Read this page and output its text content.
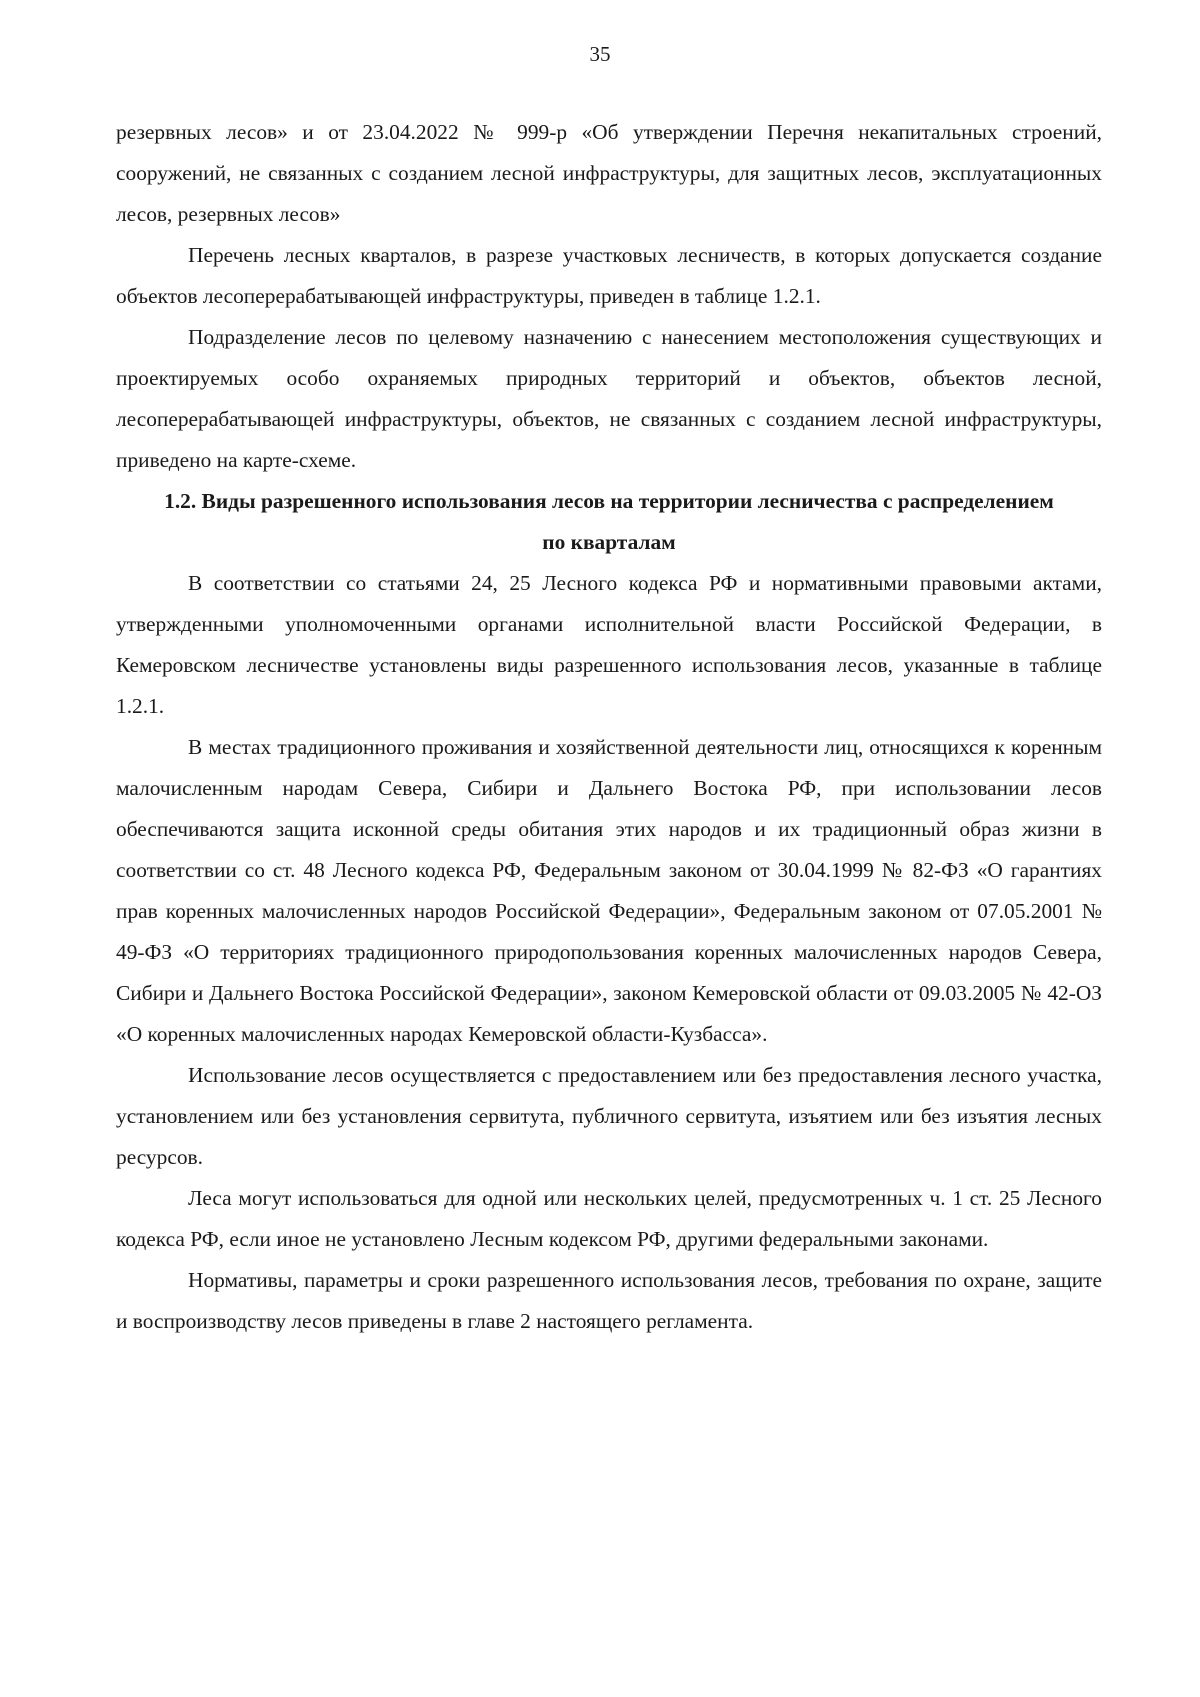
35

резервных лесов» и от 23.04.2022 № 999-р «Об утверждении Перечня некапитальных строений, сооружений, не связанных с созданием лесной инфраструктуры, для защитных лесов, эксплуатационных лесов, резервных лесов»

Перечень лесных кварталов, в разрезе участковых лесничеств, в которых допускается создание объектов лесоперерабатывающей инфраструктуры, приведен в таблице 1.2.1.

Подразделение лесов по целевому назначению с нанесением местоположения существующих и проектируемых особо охраняемых природных территорий и объектов, объектов лесной, лесоперерабатывающей инфраструктуры, объектов, не связанных с созданием лесной инфраструктуры, приведено на карте-схеме.

1.2. Виды разрешенного использования лесов на территории лесничества с распределением по кварталам

В соответствии со статьями 24, 25 Лесного кодекса РФ и нормативными правовыми актами, утвержденными уполномоченными органами исполнительной власти Российской Федерации, в Кемеровском лесничестве установлены виды разрешенного использования лесов, указанные в таблице 1.2.1.

В местах традиционного проживания и хозяйственной деятельности лиц, относящихся к коренным малочисленным народам Севера, Сибири и Дальнего Востока РФ, при использовании лесов обеспечиваются защита исконной среды обитания этих народов и их традиционный образ жизни в соответствии со ст. 48 Лесного кодекса РФ, Федеральным законом от 30.04.1999 № 82-ФЗ «О гарантиях прав коренных малочисленных народов Российской Федерации», Федеральным законом от 07.05.2001 № 49-ФЗ «О территориях традиционного природопользования коренных малочисленных народов Севера, Сибири и Дальнего Востока Российской Федерации», законом Кемеровской области от 09.03.2005 № 42-ОЗ «О коренных малочисленных народах Кемеровской области-Кузбасса».

Использование лесов осуществляется с предоставлением или без предоставления лесного участка, установлением или без установления сервитута, публичного сервитута, изъятием или без изъятия лесных ресурсов.

Леса могут использоваться для одной или нескольких целей, предусмотренных ч. 1 ст. 25 Лесного кодекса РФ, если иное не установлено Лесным кодексом РФ, другими федеральными законами.

Нормативы, параметры и сроки разрешенного использования лесов, требования по охране, защите и воспроизводству лесов приведены в главе 2 настоящего регламента.
